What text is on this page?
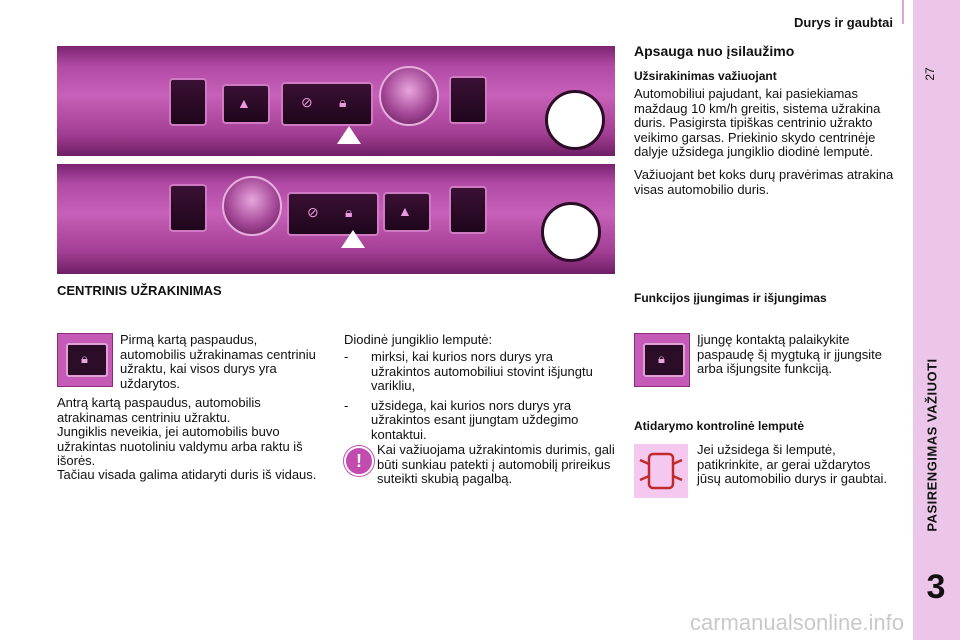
Durys ir gaubtai
27
PASIRENGIMAS VAŽIUOTI
3
▲	⊘ 🔒︎
⊘ 🔒︎	▲
CENTRINIS UŽRAKINIMAS
🔒︎

Pirmą kartą paspaudus, automobilis užrakinamas centriniu užraktu, kai visos durys yra uždarytos.

Antrą kartą paspaudus, automobilis atrakinamas centriniu užraktu.

Jungiklis neveikia, jei automobilis buvo užrakintas nuotoliniu valdymu arba raktu iš išorės.

Tačiau visada galima atidaryti duris iš vidaus.

Diodinė jungiklio lemputė:

- mirksi, kai kurios nors durys yra užrakintos automobiliui stovint išjungtu varikliu,

- užsidega, kai kurios nors durys yra užrakintos esant įjungtam uždegimo kontaktui.

!

Kai važiuojama užrakintomis durimis, gali būti sunkiau patekti į automobilį prireikus suteikti skubią pagalbą.

Apsauga nuo įsilaužimo
Užsirakinimas važiuojant

Automobiliui pajudant, kai pasiekiamas maždaug 10 km/h greitis, sistema užrakina duris. Pasigirsta tipiškas centrinio užrakto veikimo garsas. Priekinio skydo centrinėje dalyje užsidega jungiklio diodinė lemputė.

Važiuojant bet koks durų pravėrimas atrakina visas automobilio duris.

Funkcijos įjungimas ir išjungimas
🔒︎

Įjungę kontaktą palaikykite paspaudę šį mygtuką ir įjungsite arba išjungsite funkciją.

Atidarymo kontrolinė lemputė

Jei užsidega ši lemputė, patikrinkite, ar gerai uždarytos jūsų automobilio durys ir gaubtai.

carmanualsonline.info
